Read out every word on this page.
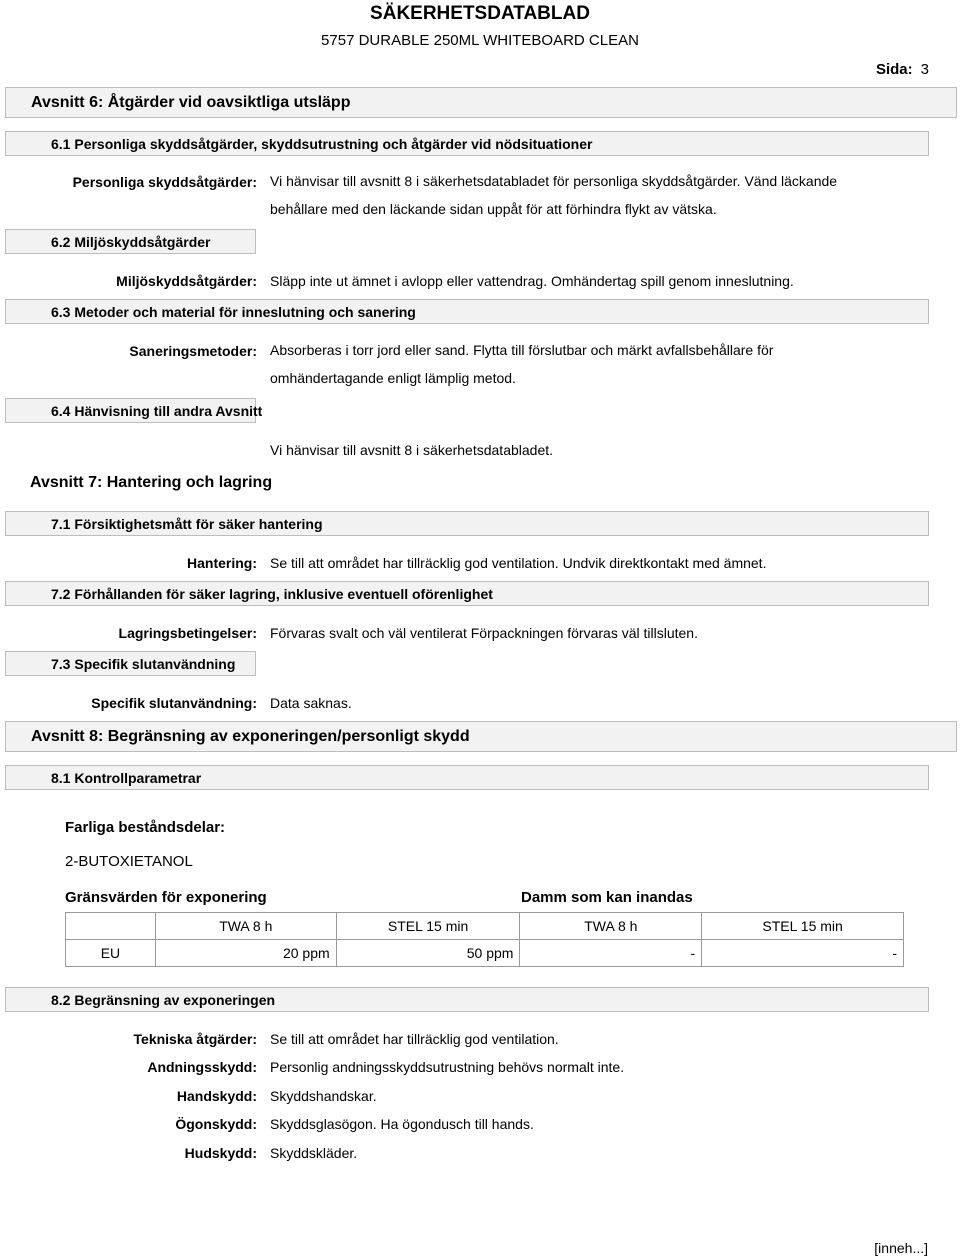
SÄKERHETSDATABLAD
5757 DURABLE 250ML WHITEBOARD CLEAN
Sida: 3
Avsnitt 6: Åtgärder vid oavsiktliga utsläpp
6.1 Personliga skyddsåtgärder, skyddsutrustning och åtgärder vid nödsituationer
Personliga skyddsåtgärder: Vi hänvisar till avsnitt 8 i säkerhetsdatabladet för personliga skyddsåtgärder. Vänd läckande behållare med den läckande sidan uppåt för att förhindra flykt av vätska.
6.2 Miljöskyddsåtgärder
Miljöskyddsåtgärder: Släpp inte ut ämnet i avlopp eller vattendrag. Omhändertag spill genom inneslutning.
6.3 Metoder och material för inneslutning och sanering
Saneringsmetoder: Absorberas i torr jord eller sand. Flytta till förslutbar och märkt avfallsbehållare för omhändertagande enligt lämplig metod.
6.4 Hänvisning till andra Avsnitt
Vi hänvisar till avsnitt 8 i säkerhetsdatabladet.
Avsnitt 7: Hantering och lagring
7.1 Försiktighetsmått för säker hantering
Hantering: Se till att området har tillräcklig god ventilation. Undvik direktkontakt med ämnet.
7.2 Förhållanden för säker lagring, inklusive eventuell oförenlighet
Lagringsbetingelser: Förvaras svalt och väl ventilerat Förpackningen förvaras väl tillsluten.
7.3 Specifik slutanvändning
Specifik slutanvändning: Data saknas.
Avsnitt 8: Begränsning av exponeringen/personligt skydd
8.1 Kontrollparametrar
Farliga beståndsdelar:
2-BUTOXIETANOL
Gränsvärden för exponering	Damm som kan inandas
	TWA 8 h	STEL 15 min	TWA 8 h	STEL 15 min
EU	20 ppm	50 ppm	-	-
8.2 Begränsning av exponeringen
Tekniska åtgärder: Se till att området har tillräcklig god ventilation.
Andningsskydd: Personlig andningsskyddsutrustning behövs normalt inte.
Handskydd: Skyddshandskar.
Ögonskydd: Skyddsglasögon. Ha ögondusch till hands.
Hudskydd: Skyddskläder.
[inneh...]
